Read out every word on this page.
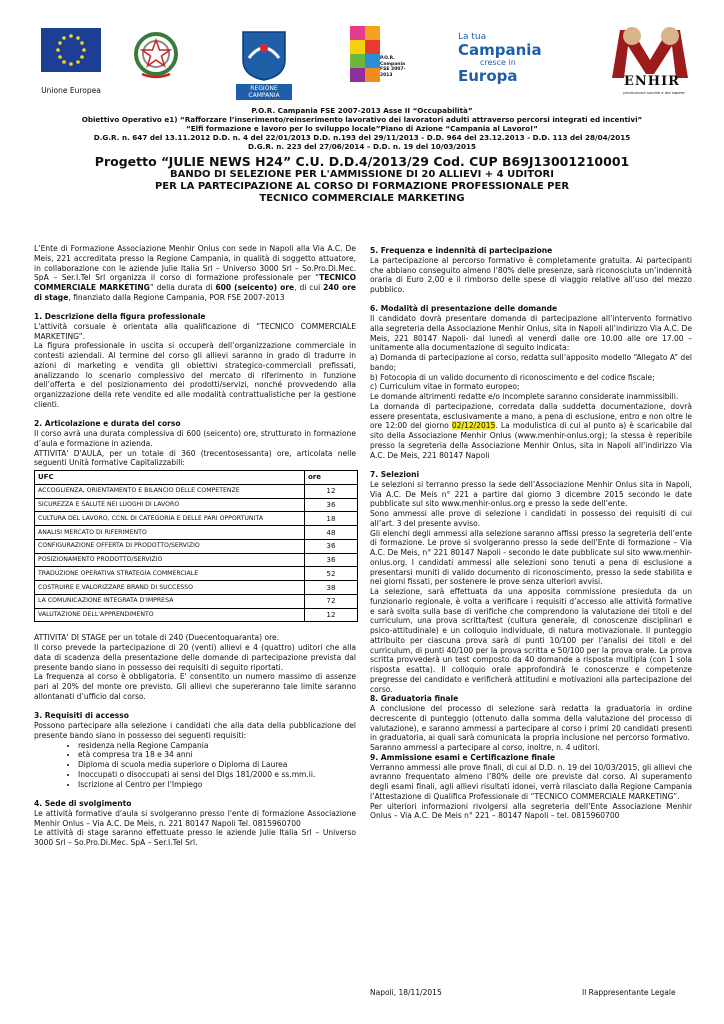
Unione Europea	REGIONE CAMPANIA
P.O.R. Campania FSE 2007-2013
La tua
Campania
cresce in
Europa	ENHIR
promozione sociale e del sapere
P.O.R. Campania FSE 2007-2013 Asse II “Occupabilità”
Obiettivo Operativo e1) “Rafforzare l’inserimento/reinserimento lavorativo dei lavoratori adulti attraverso percorsi integrati ed incentivi”
“Elfi formazione e lavoro per lo sviluppo locale”Piano di Azione “Campania al Lavoro!”
D.G.R. n. 647 del 13.11.2012 D.D. n. 4 del 22/01/2013 D.D. n.193 del 29/11/2013 - D.D. 964 del 23.12.2013 - D.D. 113 del 28/04/2015
D.G.R. n. 223 del 27/06/2014 – D.D. n. 19 del 10/03/2015
Progetto “JULIE NEWS H24” C.U. D.D.4/2013/29 Cod. CUP B69J13001210001
BANDO DI SELEZIONE PER L'AMMISSIONE DI 20 ALLIEVI + 4 UDITORI
PER LA PARTECIPAZIONE AL CORSO DI FORMAZIONE PROFESSIONALE PER
TECNICO COMMERCIALE MARKETING

L’Ente di Formazione Associazione Menhir Onlus con sede in Napoli alla Via A.C. De Meis, 221 accreditata presso la Regione Campania, in qualità di soggetto attuatore, in collaborazione con le aziende Julie Italia Srl – Universo 3000 Srl – So.Pro.Di.Mec. SpA – Ser.I.Tel Srl organizza il corso di formazione professionale per “TECNICO COMMERCIALE MARKETING” della durata di 600 (seicento) ore, di cui 240 ore di stage, finanziato dalla Regione Campania, POR FSE 2007-2013

1. Descrizione della figura professionale

L'attività corsuale è orientata alla qualificazione di “TECNICO COMMERCIALE MARKETING”.

La figura professionale in uscita si occuperà dell’organizzazione commerciale in contesti aziendali. Al termine del corso gli allievi saranno in grado di tradurre in azioni di marketing e vendita gli obiettivi strategico-commerciali prefissati, analizzando lo scenario complessivo del mercato di riferimento in funzione dell’offerta e del posizionamento dei prodotti/servizi, nonché provvedendo alla organizzazione della rete vendite ed alle modalità contrattualistiche per la gestione clienti.

2. Articolazione e durata del corso

Il corso avrà una durata complessiva di 600 (seicento) ore, strutturato in formazione d’aula e formazione in azienda.

ATTIVITA' D'AULA, per un totale di 360 (trecentosessanta) ore, articolata nelle seguenti Unità formative Capitalizzabili:

UFC	ore
ACCOGLIENZA, ORIENTAMENTO E BILANCIO DELLE COMPETENZE	12
SICUREZZA E SALUTE NEI LUOGHI DI LAVORO	36
CULTURA DEL LAVORO, CCNL DI CATEGORIA E DELLE PARI OPPORTUNITA	18
ANALISI MERCATO DI RIFERIMENTO	48
CONFIGURAZIONE OFFERTA DI PRODOTTO/SERVIZIO	36
POSIZIONAMENTO PRODOTTO/SERVIZIO	36
TRADUZIONE OPERATIVA STRATEGIA COMMERCIALE	52
COSTRUIRE E VALORIZZARE BRAND DI SUCCESSO	38
LA COMUNICAZIONE INTEGRATA D'IMPRESA	72
VALUTAZIONE DELL'APPRENDIMENTO	12

ATTIVITA' DI STAGE per un totale di 240 (Duecentoquaranta) ore.

Il corso prevede la partecipazione di 20 (venti) allievi e 4 (quattro) uditori che alla data di scadenza della presentazione delle domande di partecipazione prevista dal presente bando siano in possesso dei requisiti di seguito riportati.

La frequenza al corso è obbligatoria. E' consentito un numero massimo di assenze pari al 20% del monte ore previsto. Gli allievi che supereranno tale limite saranno allontanati d’ufficio dal corso.

3. Requisiti di accesso

Possono partecipare alla selezione i candidati che alla data della pubblicazione del presente bando siano in possesso dei seguenti requisiti:

• residenza nella Regione Campania
• età compresa tra 18 e 34 anni
• Diploma di scuola media superiore o Diploma di Laurea
• Inoccupati o disoccupati ai sensi del Dlgs 181/2000 e ss.mm.ii.
• Iscrizione al Centro per l'Impiego
4. Sede di svolgimento

Le attività formative d'aula si svolgeranno presso l'ente di formazione Associazione Menhir Onlus – Via A.C. De Meis, n. 221 80147 Napoli Tel. 0815960700

Le attività di stage saranno effettuate presso le aziende Julie Italia Srl – Universo 3000 Srl – So.Pro.Di.Mec. SpA – Ser.I.Tel Srl.

5. Frequenza e indennità di partecipazione

La partecipazione al percorso formativo è completamente gratuita. Ai partecipanti che abbiano conseguito almeno l’80% delle presenze, sarà riconosciuta un’indennità oraria di Euro 2,00 e il rimborso delle spese di viaggio relative all’uso del mezzo pubblico.

6. Modalità di presentazione delle domande

Il candidato dovrà presentare domanda di partecipazione all’intervento formativo alla segreteria della Associazione Menhir Onlus, sita in Napoli all’indirizzo Via A.C. De Meis, 221 80147 Napoli- dal lunedì al venerdì dalle ore 10.00 alle ore 17.00 – unitamente alla documentazione di seguito indicata:

a) Domanda di partecipazione al corso, redatta sull’apposito modello “Allegato A” del bando;

b) Fotocopia di un valido documento di riconoscimento e del codice fiscale;

c) Curriculum vitae in formato europeo;

Le domande altrimenti redatte e/o incomplete saranno considerate inammissibili.

La domanda di partecipazione, corredata dalla suddetta documentazione, dovrà essere presentata, esclusivamente a mano, a pena di esclusione, entro e non oltre le ore 12:00 del giorno 02/12/2015. La modulistica di cui al punto a) è scaricabile dal sito della Associazione Menhir Onlus (www.menhir-onlus.org); la stessa è reperibile presso la segreteria della Associazione Menhir Onlus, sita in Napoli all’indirizzo Via A.C. De Meis, 221 80147 Napoli

7. Selezioni

Le selezioni si terranno presso la sede dell’Associazione Menhir Onlus sita in Napoli, Via A.C. De Meis n° 221 a partire dal giorno 3 dicembre 2015 secondo le date pubblicate sul sito www.menhir-onlus.org e presso la sede dell’ente.

Sono ammessi alle prove di selezione i candidati in possesso dei requisiti di cui all’art. 3 del presente avviso.

Gli elenchi degli ammessi alla selezione saranno affissi presso la segreteria dell’ente di formazione. Le prove si svolgeranno presso la sede dell’Ente di formazione – Via A.C. De Meis, n° 221 80147 Napoli - secondo le date pubblicate sul sito www.menhir-onlus.org. I candidati ammessi alle selezioni sono tenuti a pena di esclusione a presentarsi muniti di valido documento di riconoscimento, presso la sede stabilita e nei giorni fissati, per sostenere le prove senza ulteriori avvisi.

La selezione, sarà effettuata da una apposita commissione presieduta da un funzionario regionale, è volta a verificare i requisiti d’accesso alle attività formative e sarà svolta sulla base di verifiche che comprendono la valutazione dei titoli e del curriculum, una prova scritta/test (cultura generale, di conoscenze disciplinari e psico-attitudinale) e un colloquio individuale, di natura motivazionale. Il punteggio attribuito per ciascuna prova sarà di punti 10/100 per l’analisi dei titoli e del curriculum, di punti 40/100 per la prova scritta e 50/100 per la prova orale. La prova scritta provvederà un test composto da 40 domande a risposta multipla (con 1 sola risposta esatta). Il colloquio orale approfondirà le conoscenze e competenze pregresse del candidato e verificherà attitudini e motivazioni alla partecipazione del corso.

8. Graduatoria finale

A conclusione del processo di selezione sarà redatta la graduatoria in ordine decrescente di punteggio (ottenuto dalla somma della valutazione del processo di valutazione), e saranno ammessi a partecipare al corso i primi 20 candidati presenti in graduatoria, ai quali sarà comunicata la propria inclusione nel percorso formativo.

Saranno ammessi a partecipare al corso, inoltre, n. 4 uditori.

9. Ammissione esami e Certificazione finale

Verranno ammessi alle prove finali, di cui al D.D. n. 19 del 10/03/2015, gli allievi che avranno frequentato almeno l’80% delle ore previste dal corso. Al superamento degli esami finali, agli allievi risultati idonei, verrà rilasciato dalla Regione Campania l’Attestazione di Qualifica Professionale di “TECNICO COMMERCIALE MARKETING”.

Per ulteriori informazioni rivolgersi alla segreteria dell’Ente Associazione Menhir Onlus – Via A.C. De Meis n° 221 – 80147 Napoli – tel. 0815960700

Napoli, 18/11/2015	Il Rappresentante Legale
